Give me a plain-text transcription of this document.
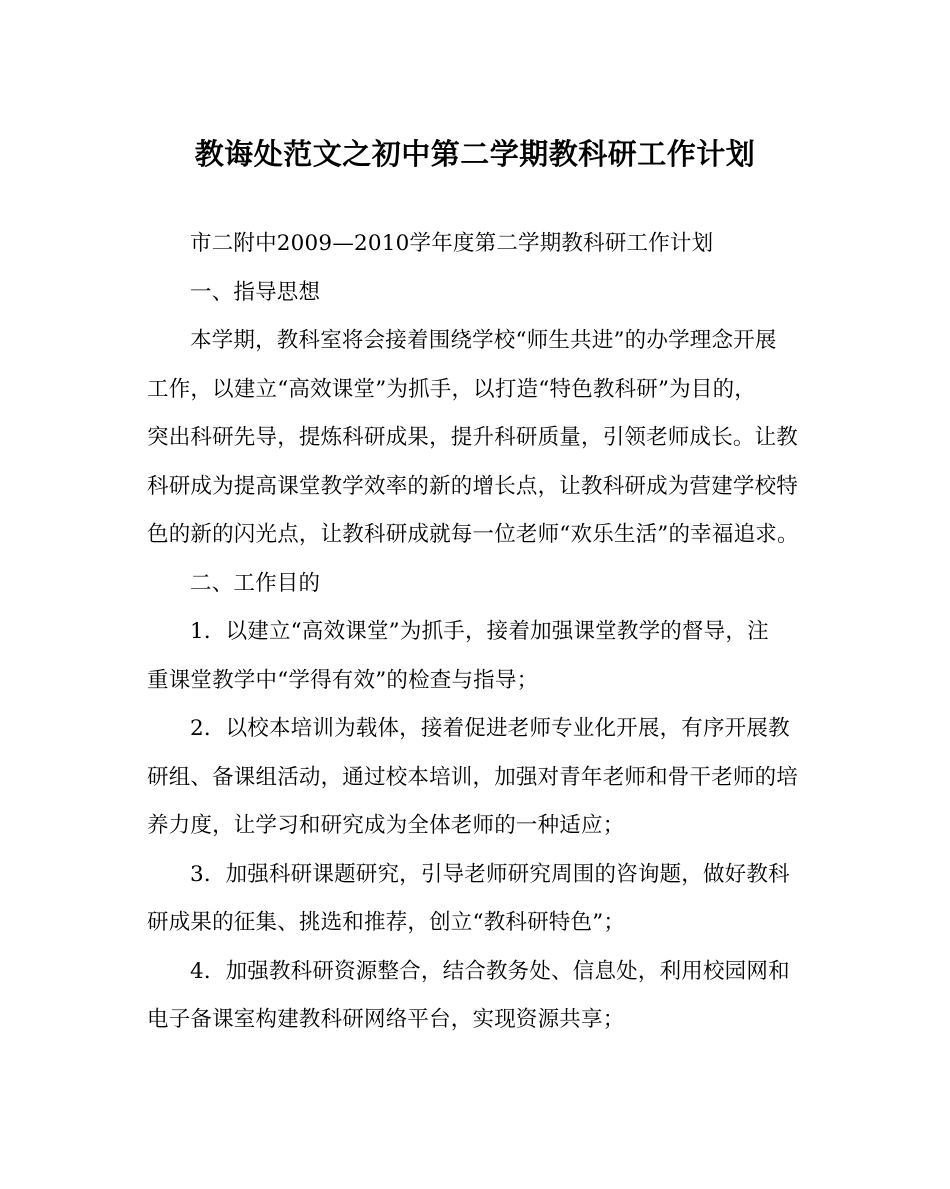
教诲处范文之初中第二学期教科研工作计划

市二附中2009—2010学年度第二学期教科研工作计划

一、指导思想

本学期，教科室将会接着围绕学校“师生共进”的办学理念开展
工作，以建立“高效课堂”为抓手，以打造“特色教科研”为目的，
突出科研先导，提炼科研成果，提升科研质量，引领老师成长。让教
科研成为提高课堂教学效率的新的增长点，让教科研成为营建学校特
色的新的闪光点，让教科研成就每一位老师“欢乐生活”的幸福追求。

二、工作目的

1．以建立“高效课堂”为抓手，接着加强课堂教学的督导，注
重课堂教学中“学得有效”的检查与指导；

2．以校本培训为载体，接着促进老师专业化开展，有序开展教
研组、备课组活动，通过校本培训，加强对青年老师和骨干老师的培
养力度，让学习和研究成为全体老师的一种适应；

3．加强科研课题研究，引导老师研究周围的咨询题，做好教科
研成果的征集、挑选和推荐，创立“教科研特色”；

4．加强教科研资源整合，结合教务处、信息处，利用校园网和
电子备课室构建教科研网络平台，实现资源共享；
